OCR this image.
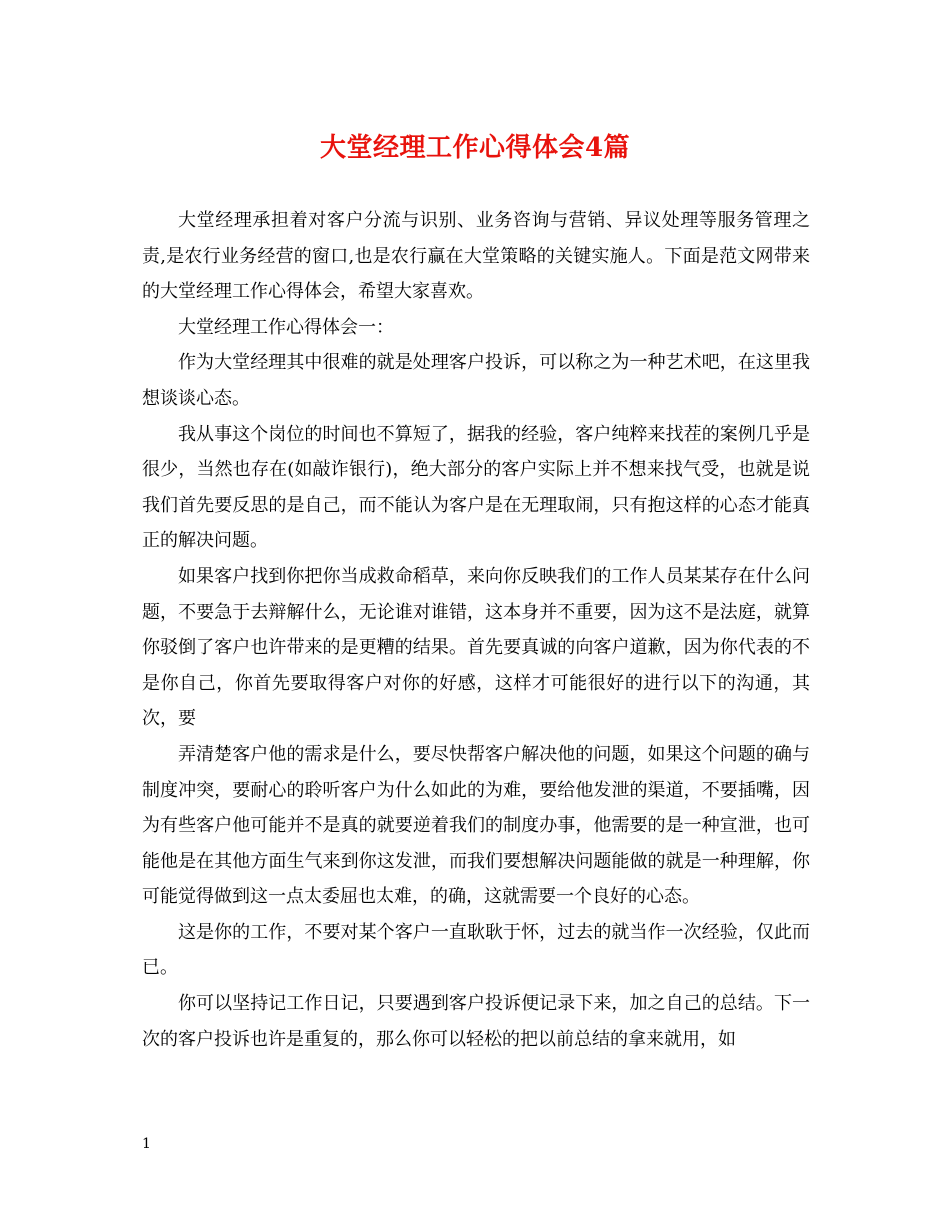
大堂经理工作心得体会4篇

大堂经理承担着对客户分流与识别、业务咨询与营销、异议处理等服务管理之责,是农行业务经营的窗口,也是农行赢在大堂策略的关键实施人。下面是范文网带来的大堂经理工作心得体会，希望大家喜欢。

大堂经理工作心得体会一：

作为大堂经理其中很难的就是处理客户投诉，可以称之为一种艺术吧，在这里我想谈谈心态。

我从事这个岗位的时间也不算短了，据我的经验，客户纯粹来找茬的案例几乎是很少，当然也存在(如敲诈银行)，绝大部分的客户实际上并不想来找气受，也就是说我们首先要反思的是自己，而不能认为客户是在无理取闹，只有抱这样的心态才能真正的解决问题。

如果客户找到你把你当成救命稻草，来向你反映我们的工作人员某某存在什么问题，不要急于去辩解什么，无论谁对谁错，这本身并不重要，因为这不是法庭，就算你驳倒了客户也许带来的是更糟的结果。首先要真诚的向客户道歉，因为你代表的不是你自己，你首先要取得客户对你的好感，这样才可能很好的进行以下的沟通，其次，要

弄清楚客户他的需求是什么，要尽快帮客户解决他的问题，如果这个问题的确与制度冲突，要耐心的聆听客户为什么如此的为难，要给他发泄的渠道，不要插嘴，因为有些客户他可能并不是真的就要逆着我们的制度办事，他需要的是一种宣泄，也可能他是在其他方面生气来到你这发泄，而我们要想解决问题能做的就是一种理解，你可能觉得做到这一点太委屈也太难，的确，这就需要一个良好的心态。

这是你的工作，不要对某个客户一直耿耿于怀，过去的就当作一次经验，仅此而已。

你可以坚持记工作日记，只要遇到客户投诉便记录下来，加之自己的总结。下一次的客户投诉也许是重复的，那么你可以轻松的把以前总结的拿来就用，如

1
